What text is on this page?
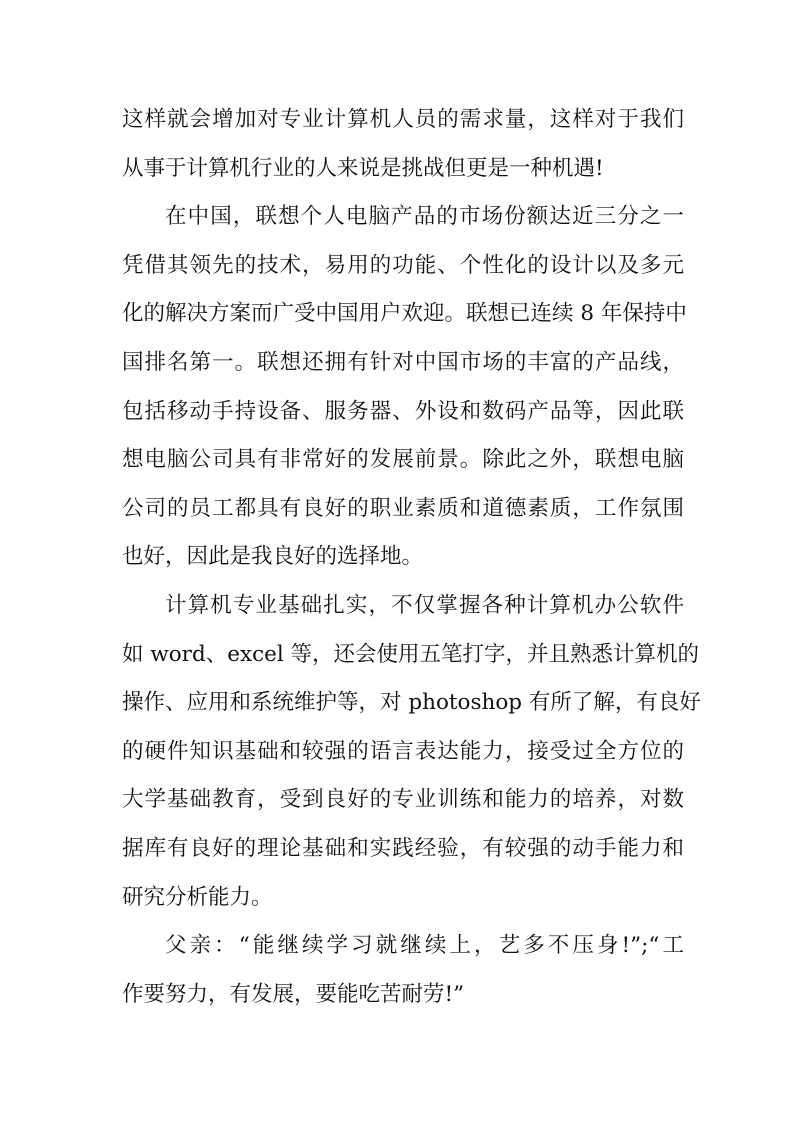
这样就会增加对专业计算机人员的需求量，这样对于我们
从事于计算机行业的人来说是挑战但更是一种机遇!
在中国，联想个人电脑产品的市场份额达近三分之一
凭借其领先的技术，易用的功能、个性化的设计以及多元
化的解决方案而广受中国用户欢迎。联想已连续 8 年保持中
国排名第一。联想还拥有针对中国市场的丰富的产品线，
包括移动手持设备、服务器、外设和数码产品等，因此联
想电脑公司具有非常好的发展前景。除此之外，联想电脑
公司的员工都具有良好的职业素质和道德素质，工作氛围
也好，因此是我良好的选择地。
计算机专业基础扎实，不仅掌握各种计算机办公软件
如 word、excel 等，还会使用五笔打字，并且熟悉计算机的
操作、应用和系统维护等，对 photoshop 有所了解，有良好
的硬件知识基础和较强的语言表达能力，接受过全方位的
大学基础教育，受到良好的专业训练和能力的培养，对数
据库有良好的理论基础和实践经验，有较强的动手能力和
研究分析能力。
父亲：“能继续学习就继续上，艺多不压身!”;“工
作要努力，有发展，要能吃苦耐劳!”
